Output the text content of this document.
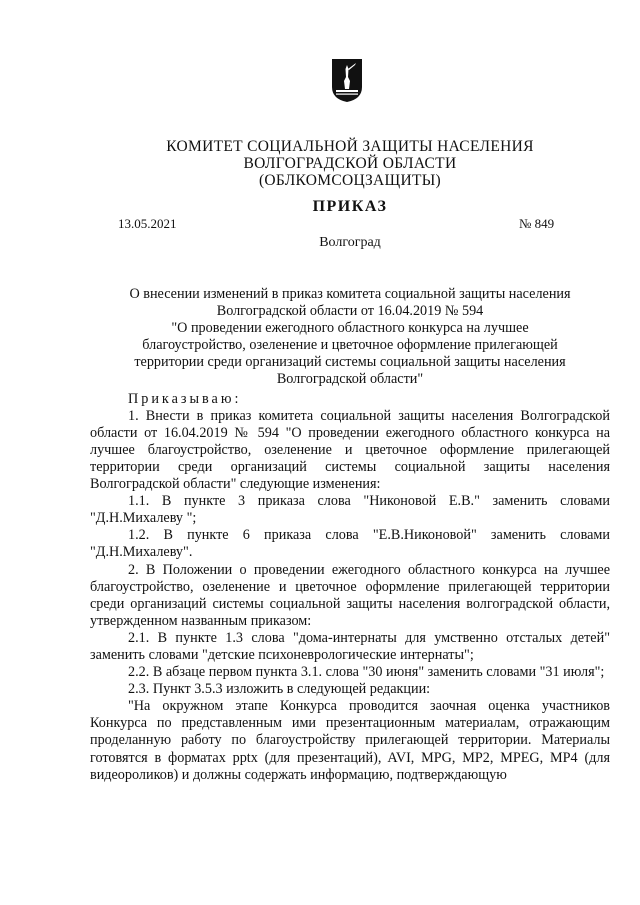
КОМИТЕТ СОЦИАЛЬНОЙ ЗАЩИТЫ НАСЕЛЕНИЯ
ВОЛГОГРАДСКОЙ ОБЛАСТИ
(ОБЛКОМСОЦЗАЩИТЫ)
ПРИКАЗ
13.05.2021	№ 849
Волгоград
О внесении изменений в приказ комитета социальной защиты населения
Волгоградской области от 16.04.2019 № 594
"О проведении ежегодного областного конкурса на лучшее
благоустройство, озеленение и цветочное оформление прилегающей
территории среди организаций системы социальной защиты населения
Волгоградской области"

Приказываю:

1. Внести в приказ комитета социальной защиты населения Волгоградской области от 16.04.2019 № 594 "О проведении ежегодного областного конкурса на лучшее благоустройство, озеленение и цветочное оформление прилегающей территории среди организаций системы социальной защиты населения Волгоградской области" следующие изменения:

1.1. В пункте 3 приказа слова "Никоновой Е.В." заменить словами "Д.Н.Михалеву ";

1.2. В пункте 6 приказа слова "Е.В.Никоновой" заменить словами "Д.Н.Михалеву".

2. В Положении о проведении ежегодного областного конкурса на лучшее благоустройство, озеленение и цветочное оформление прилегающей территории среди организаций системы социальной защиты населения волгоградской области, утвержденном названным приказом:

2.1. В пункте 1.3 слова "дома-интернаты для умственно отсталых детей" заменить словами "детские психоневрологические интернаты";

2.2. В абзаце первом пункта 3.1. слова "30 июня" заменить словами "31 июля";

2.3. Пункт 3.5.3 изложить в следующей редакции:

"На окружном этапе Конкурса проводится заочная оценка участников Конкурса по представленным ими презентационным материалам, отражающим проделанную работу по благоустройству прилегающей территории. Материалы готовятся в форматах pptx (для презентаций), AVI, MPG, MP2, MPEG, MP4 (для видеороликов) и должны содержать информацию, подтверждающую
